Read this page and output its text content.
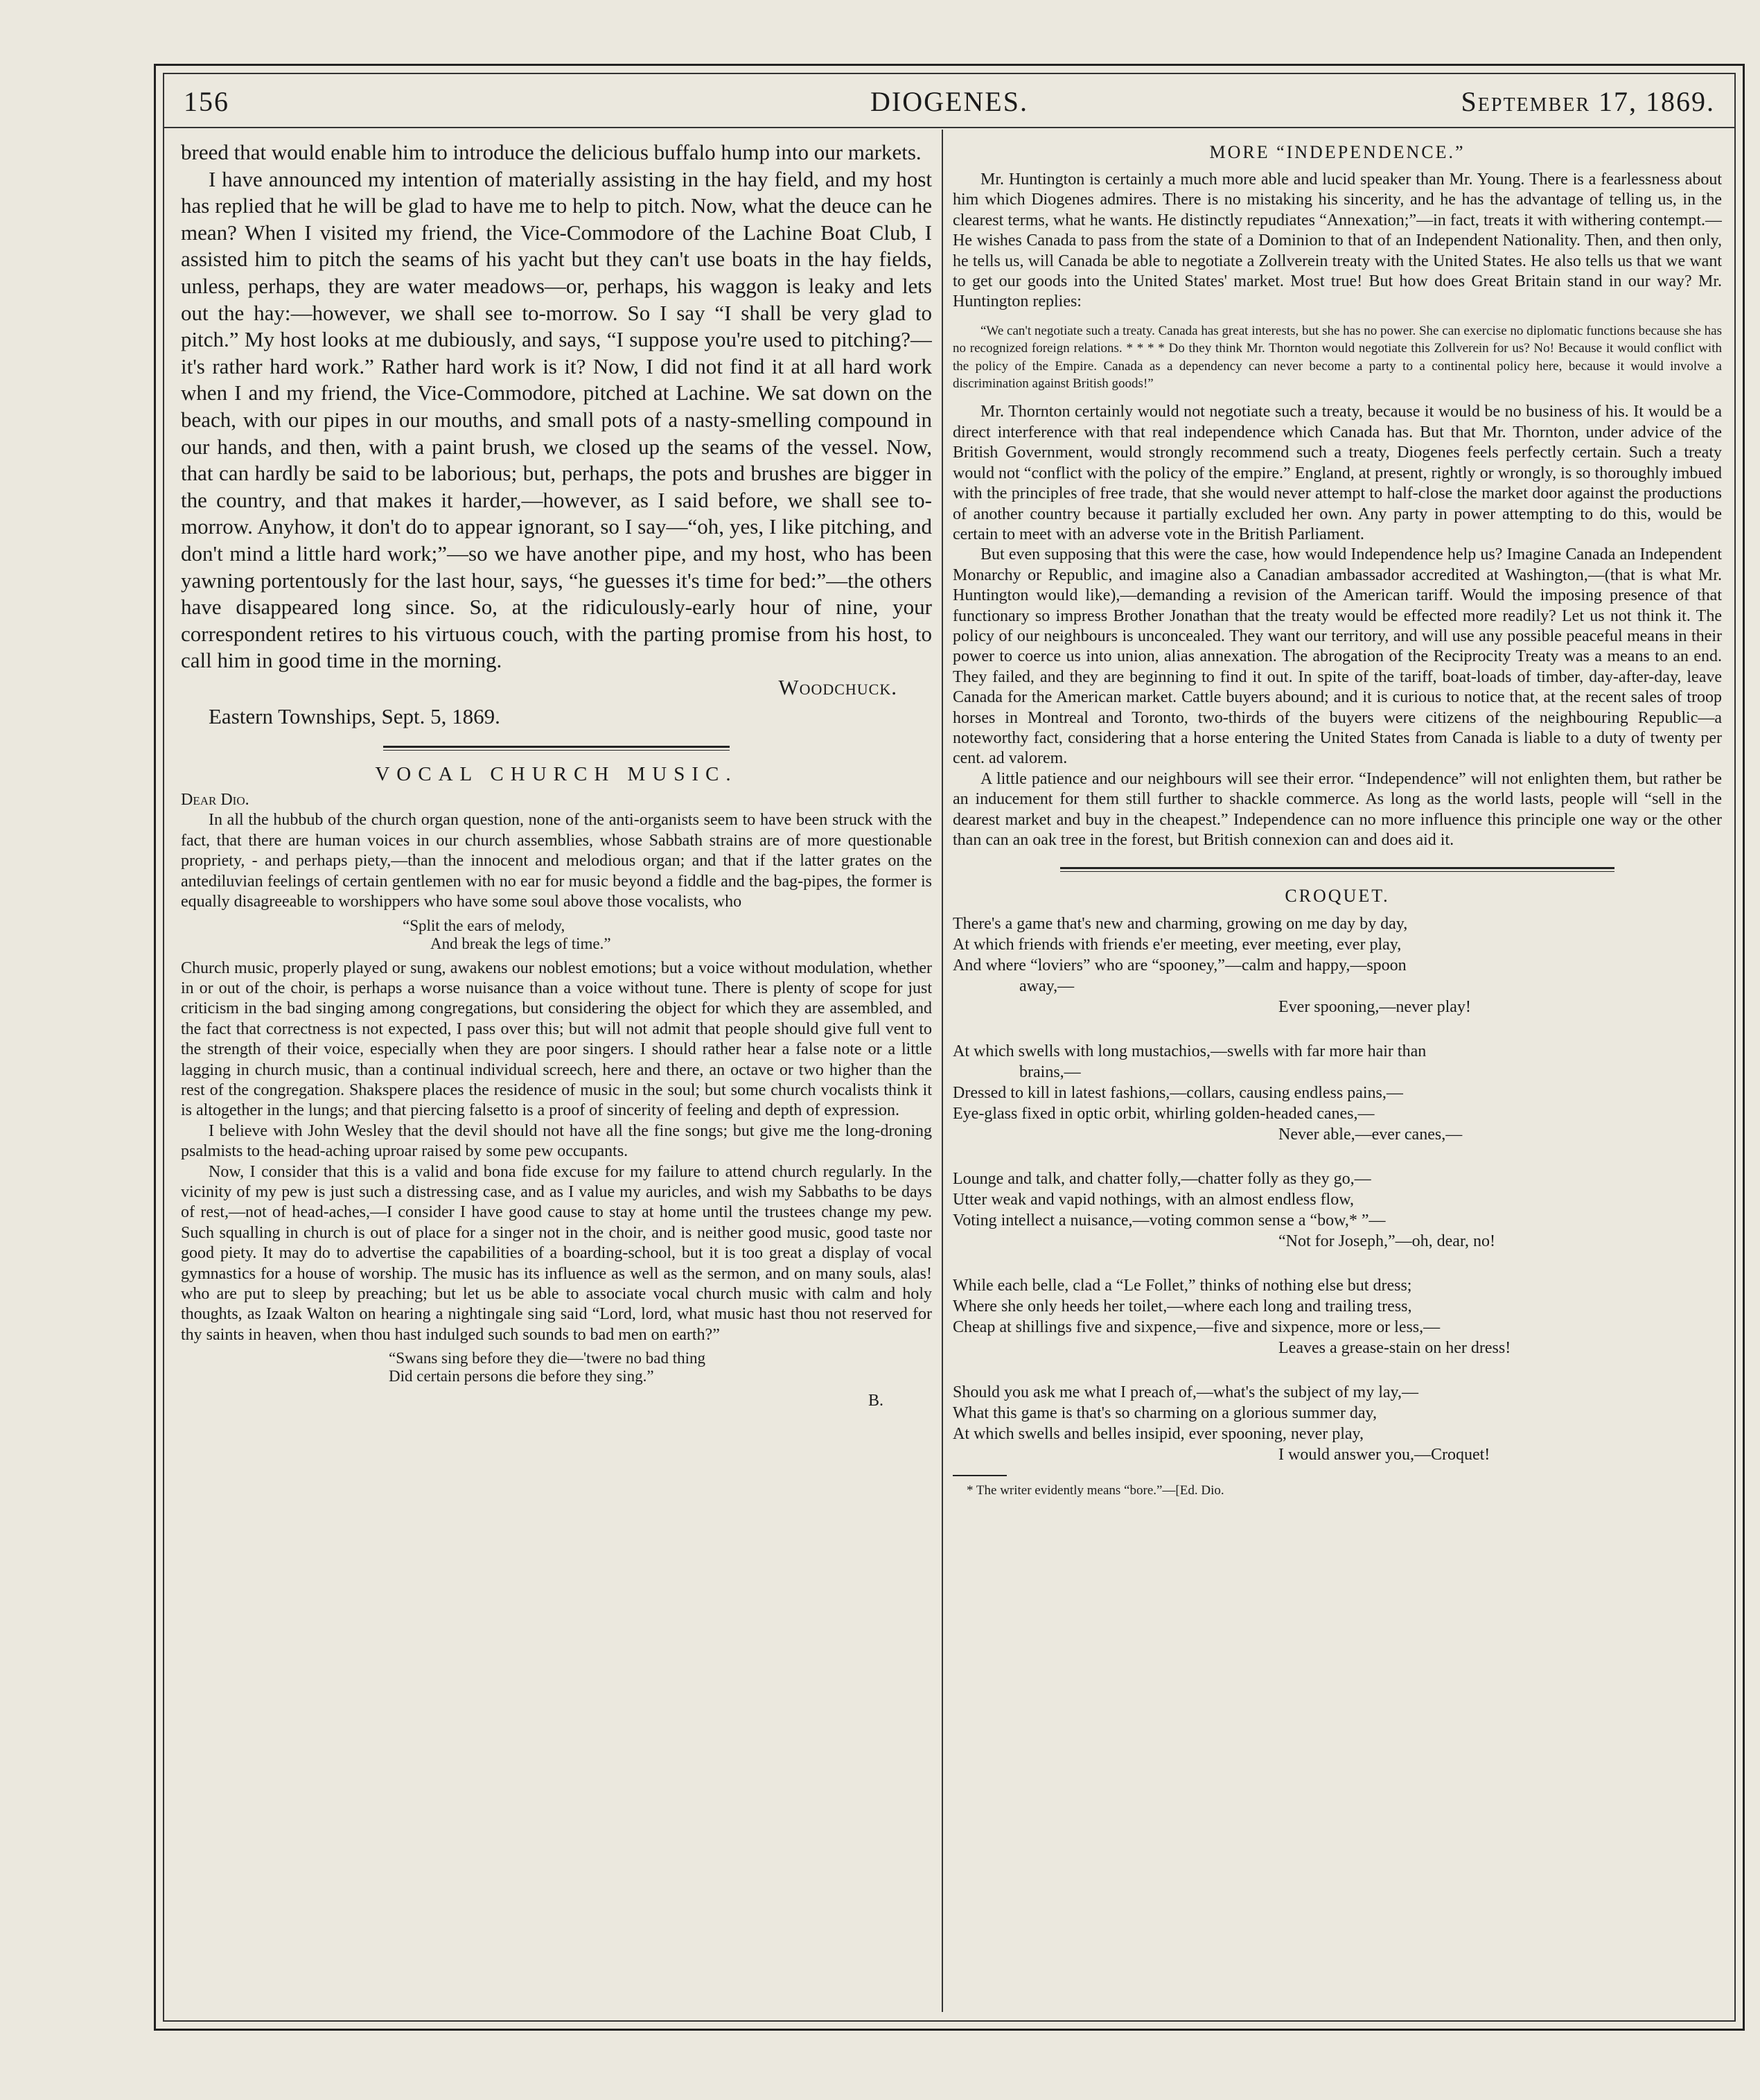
156	DIOGENES.	September 17, 1869.

breed that would enable him to introduce the delicious buffalo hump into our markets.

I have announced my intention of materially assisting in the hay field, and my host has replied that he will be glad to have me to help to pitch. Now, what the deuce can he mean? When I visited my friend, the Vice-Commodore of the Lachine Boat Club, I assisted him to pitch the seams of his yacht but they can't use boats in the hay fields, unless, perhaps, they are water meadows—or, perhaps, his waggon is leaky and lets out the hay:—however, we shall see to-morrow. So I say “I shall be very glad to pitch.” My host looks at me dubiously, and says, “I suppose you're used to pitching?—it's rather hard work.” Rather hard work is it? Now, I did not find it at all hard work when I and my friend, the Vice-Commodore, pitched at Lachine. We sat down on the beach, with our pipes in our mouths, and small pots of a nasty-smelling compound in our hands, and then, with a paint brush, we closed up the seams of the vessel. Now, that can hardly be said to be laborious; but, perhaps, the pots and brushes are bigger in the country, and that makes it harder,—however, as I said before, we shall see to-morrow. Anyhow, it don't do to appear ignorant, so I say—“oh, yes, I like pitching, and don't mind a little hard work;”—so we have another pipe, and my host, who has been yawning portentously for the last hour, says, “he guesses it's time for bed:”—the others have disappeared long since. So, at the ridiculously-early hour of nine, your correspondent retires to his virtuous couch, with the parting promise from his host, to call him in good time in the morning.

Woodchuck.

Eastern Townships, Sept. 5, 1869.

VOCAL CHURCH MUSIC.

Dear Dio.

In all the hubbub of the church organ question, none of the anti-organists seem to have been struck with the fact, that there are human voices in our church assemblies, whose Sabbath strains are of more questionable propriety, - and perhaps piety,—than the innocent and melodious organ; and that if the latter grates on the antediluvian feelings of certain gentlemen with no ear for music beyond a fiddle and the bag-pipes, the former is equally disagreeable to worshippers who have some soul above those vocalists, who

“Split the ears of melody,
And break the legs of time.”

Church music, properly played or sung, awakens our noblest emotions; but a voice without modulation, whether in or out of the choir, is perhaps a worse nuisance than a voice without tune. There is plenty of scope for just criticism in the bad singing among congregations, but considering the object for which they are assembled, and the fact that correctness is not expected, I pass over this; but will not admit that people should give full vent to the strength of their voice, especially when they are poor singers. I should rather hear a false note or a little lagging in church music, than a continual individual screech, here and there, an octave or two higher than the rest of the congregation. Shakspere places the residence of music in the soul; but some church vocalists think it is altogether in the lungs; and that piercing falsetto is a proof of sincerity of feeling and depth of expression.

I believe with John Wesley that the devil should not have all the fine songs; but give me the long-droning psalmists to the head-aching uproar raised by some pew occupants.

Now, I consider that this is a valid and bona fide excuse for my failure to attend church regularly. In the vicinity of my pew is just such a distressing case, and as I value my auricles, and wish my Sabbaths to be days of rest,—not of head-aches,—I consider I have good cause to stay at home until the trustees change my pew. Such squalling in church is out of place for a singer not in the choir, and is neither good music, good taste nor good piety. It may do to advertise the capabilities of a boarding-school, but it is too great a display of vocal gymnastics for a house of worship. The music has its influence as well as the sermon, and on many souls, alas! who are put to sleep by preaching; but let us be able to associate vocal church music with calm and holy thoughts, as Izaak Walton on hearing a nightingale sing said “Lord, lord, what music hast thou not reserved for thy saints in heaven, when thou hast indulged such sounds to bad men on earth?”

“Swans sing before they die—'twere no bad thing
Did certain persons die before they sing.”

B.

MORE “INDEPENDENCE.”

Mr. Huntington is certainly a much more able and lucid speaker than Mr. Young. There is a fearlessness about him which Diogenes admires. There is no mistaking his sincerity, and he has the advantage of telling us, in the clearest terms, what he wants. He distinctly repudiates “Annexation;”—in fact, treats it with withering contempt.—He wishes Canada to pass from the state of a Dominion to that of an Independent Nationality. Then, and then only, he tells us, will Canada be able to negotiate a Zollverein treaty with the United States. He also tells us that we want to get our goods into the United States' market. Most true! But how does Great Britain stand in our way? Mr. Huntington replies:

“We can't negotiate such a treaty. Canada has great interests, but she has no power. She can exercise no diplomatic functions because she has no recognized foreign relations. * * * * Do they think Mr. Thornton would negotiate this Zollverein for us? No! Because it would conflict with the policy of the Empire. Canada as a dependency can never become a party to a continental policy here, because it would involve a discrimination against British goods!”

Mr. Thornton certainly would not negotiate such a treaty, because it would be no business of his. It would be a direct interference with that real independence which Canada has. But that Mr. Thornton, under advice of the British Government, would strongly recommend such a treaty, Diogenes feels perfectly certain. Such a treaty would not “conflict with the policy of the empire.” England, at present, rightly or wrongly, is so thoroughly imbued with the principles of free trade, that she would never attempt to half-close the market door against the productions of another country because it partially excluded her own. Any party in power attempting to do this, would be certain to meet with an adverse vote in the British Parliament.

But even supposing that this were the case, how would Independence help us? Imagine Canada an Independent Monarchy or Republic, and imagine also a Canadian ambassador accredited at Washington,—(that is what Mr. Huntington would like),—demanding a revision of the American tariff. Would the imposing presence of that functionary so impress Brother Jonathan that the treaty would be effected more readily? Let us not think it. The policy of our neighbours is unconcealed. They want our territory, and will use any possible peaceful means in their power to coerce us into union, alias annexation. The abrogation of the Reciprocity Treaty was a means to an end. They failed, and they are beginning to find it out. In spite of the tariff, boat-loads of timber, day-after-day, leave Canada for the American market. Cattle buyers abound; and it is curious to notice that, at the recent sales of troop horses in Montreal and Toronto, two-thirds of the buyers were citizens of the neighbouring Republic—a noteworthy fact, considering that a horse entering the United States from Canada is liable to a duty of twenty per cent. ad valorem.

A little patience and our neighbours will see their error. “Independence” will not enlighten them, but rather be an inducement for them still further to shackle commerce. As long as the world lasts, people will “sell in the dearest market and buy in the cheapest.” Independence can no more influence this principle one way or the other than can an oak tree in the forest, but British connexion can and does aid it.

CROQUET.
There's a game that's new and charming, growing on me day by day,
At which friends with friends e'er meeting, ever meeting, ever play,
And where “loviers” who are “spooney,”—calm and happy,—spoon
away,—
Ever spooning,—never play!
At which swells with long mustachios,—swells with far more hair than
brains,—
Dressed to kill in latest fashions,—collars, causing endless pains,—
Eye-glass fixed in optic orbit, whirling golden-headed canes,—
Never able,—ever canes,—
Lounge and talk, and chatter folly,—chatter folly as they go,—
Utter weak and vapid nothings, with an almost endless flow,
Voting intellect a nuisance,—voting common sense a “bow,* ”—
“Not for Joseph,”—oh, dear, no!
While each belle, clad a “Le Follet,” thinks of nothing else but dress;
Where she only heeds her toilet,—where each long and trailing tress,
Cheap at shillings five and sixpence,—five and sixpence, more or less,—
Leaves a grease-stain on her dress!
Should you ask me what I preach of,—what's the subject of my lay,—
What this game is that's so charming on a glorious summer day,
At which swells and belles insipid, ever spooning, never play,
I would answer you,—Croquet!
* The writer evidently means “bore.”—[Ed. Dio.
